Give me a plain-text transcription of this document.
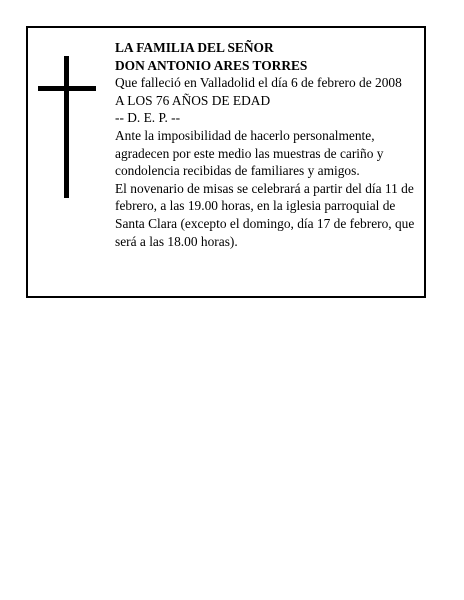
LA FAMILIA DEL SEÑOR

DON ANTONIO ARES TORRES

Que falleció en Valladolid el día 6 de febrero de 2008

A LOS 76 AÑOS DE EDAD

-- D. E. P. --

Ante la imposibilidad de hacerlo personalmente, agradecen por este medio las muestras de cariño y condolencia recibidas de familiares y amigos.

El novenario de misas se celebrará a partir del día 11 de febrero, a las 19.00 horas, en la iglesia parroquial de Santa Clara (excepto el domingo, día 17 de febrero, que será a las 18.00 horas).
